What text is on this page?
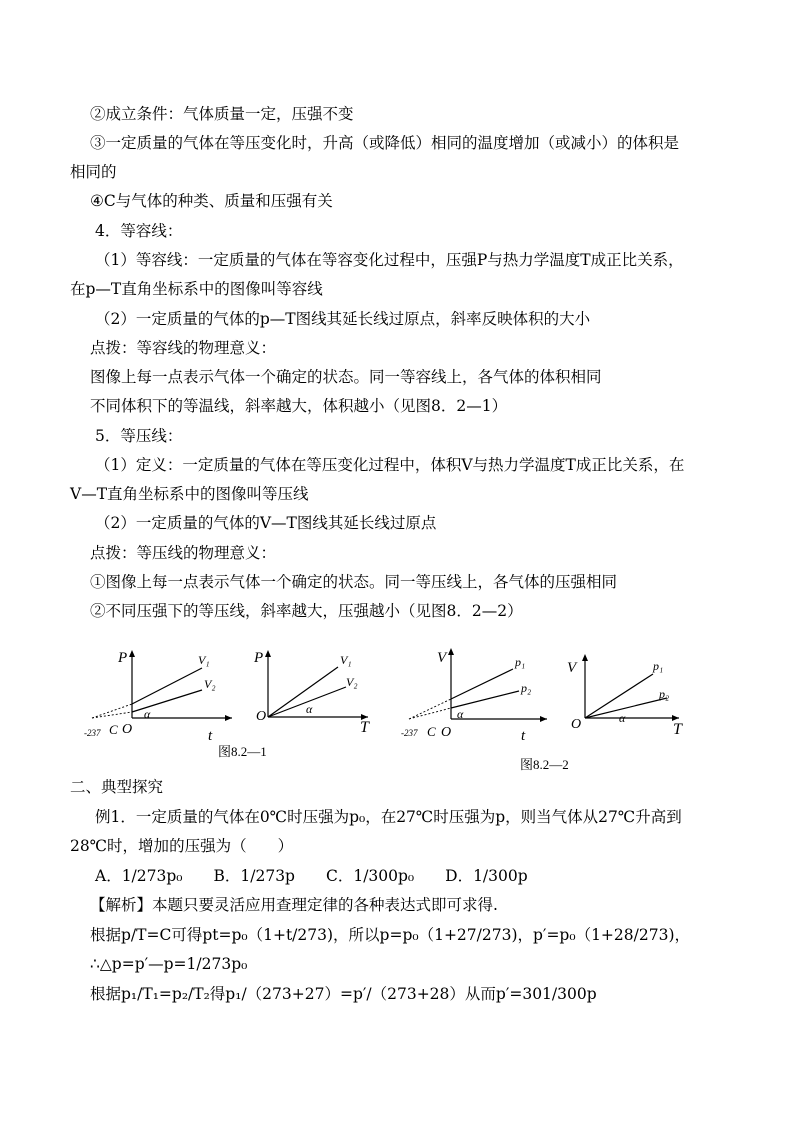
②成立条件：气体质量一定，压强不变
③一定质量的气体在等压变化时，升高（或降低）相同的温度增加（或减小）的体积是
相同的
④C与气体的种类、质量和压强有关
4．等容线：
（1）等容线：一定质量的气体在等容变化过程中，压强P与热力学温度T成正比关系，
在p—T直角坐标系中的图像叫等容线
（2）一定质量的气体的p—T图线其延长线过原点，斜率反映体积的大小
点拨：等容线的物理意义：
图像上每一点表示气体一个确定的状态。同一等容线上，各气体的体积相同
不同体积下的等温线，斜率越大，体积越小（见图8．2—1）
5．等压线：
（1）定义：一定质量的气体在等压变化过程中，体积V与热力学温度T成正比关系，在
V—T直角坐标系中的图像叫等压线
（2）一定质量的气体的V—T图线其延长线过原点
点拨：等压线的物理意义：
①图像上每一点表示气体一个确定的状态。同一等压线上，各气体的压强相同
②不同压强下的等压线，斜率越大，压强越小（见图8．2—2）
P
t
O
-237 C
V₁
V₂
α
P
T
O
V₁
V₂
α
图8.2—1
V
t
O
-237 C
p₁
p₂
α
V
T
O
p₁
p₂
α
图8.2—2
二、典型探究
例1．一定质量的气体在0℃时压强为p₀，在27℃时压强为p，则当气体从27℃升高到
28℃时，增加的压强为（　　）
A．1/273p₀　　B．1/273p　　C．1/300p₀　　D．1/300p
【解析】本题只要灵活应用查理定律的各种表达式即可求得.
根据p/T=C可得pt=p₀（1+t/273)，所以p=p₀（1+27/273)，p′=p₀（1+28/273)，
∴△p=p′—p=1/273p₀
根据p₁/T₁=p₂/T₂得p₁/（273+27）=p′/（273+28）从而p′=301/300p
